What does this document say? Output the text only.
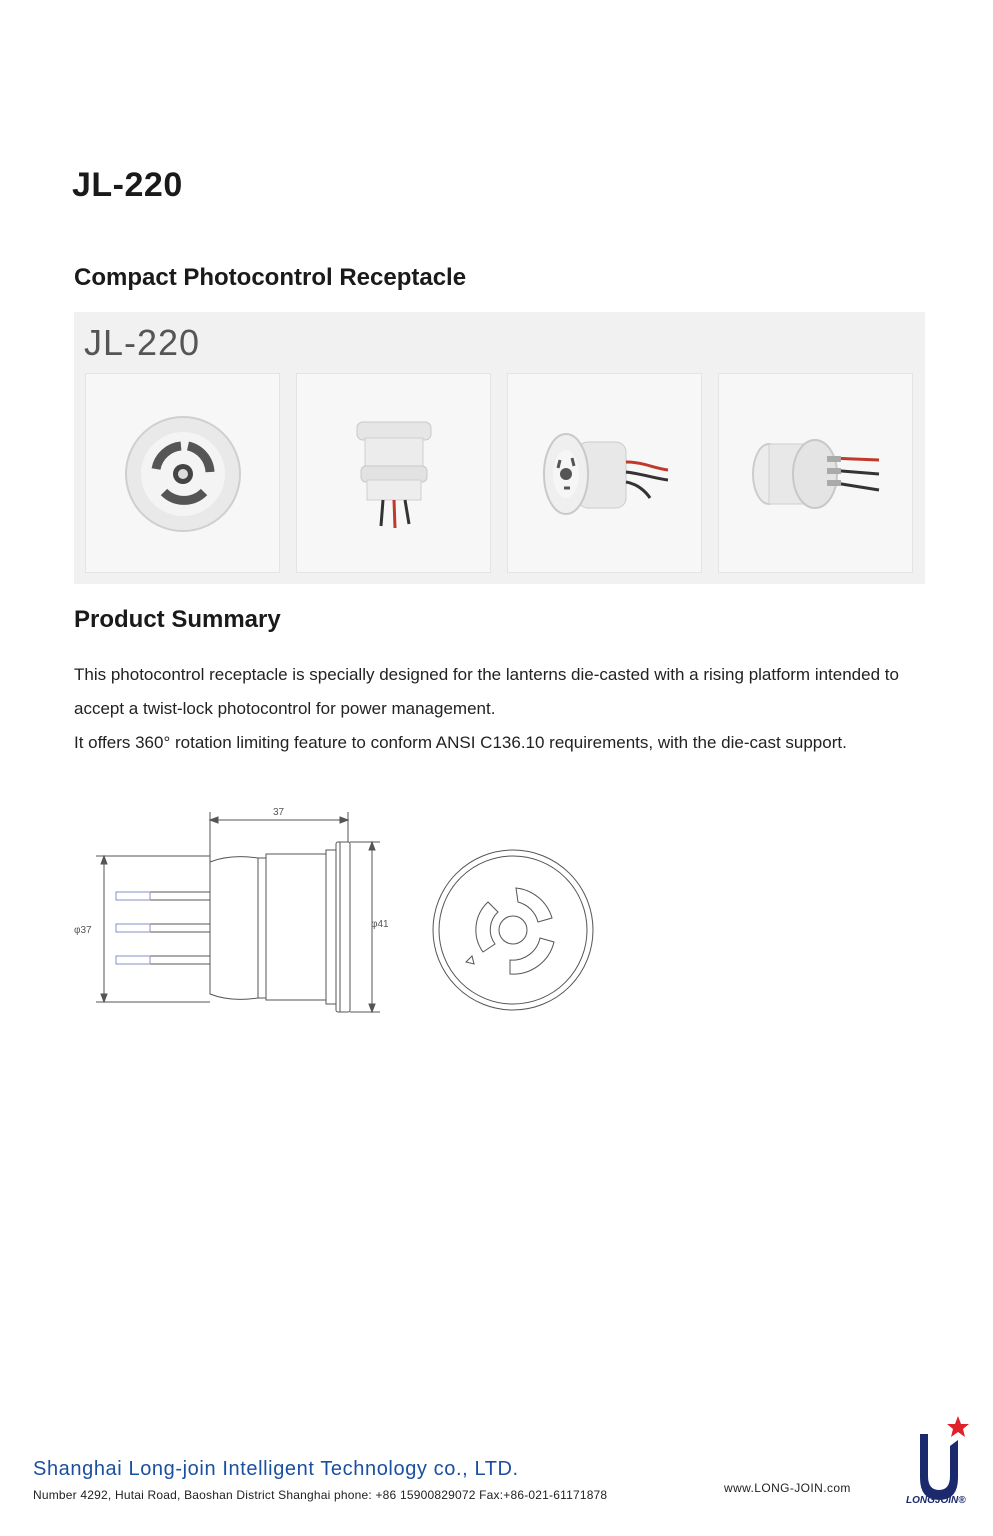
JL-220
Compact Photocontrol Receptacle
JL-220
Product Summary

This photocontrol receptacle is specially designed for the lanterns die-casted with a rising platform intended to accept a twist-lock photocontrol for power management.

It offers 360° rotation limiting feature to conform ANSI C136.10 requirements, with the die-cast support.

37
φ37
φ41
Shanghai Long-join Intelligent Technology co., LTD.
Number 4292, Hutai Road, Baoshan District Shanghai phone: +86 15900829072 Fax:+86-021-61171878	www.LONG-JOIN.com
LONGJOIN®
